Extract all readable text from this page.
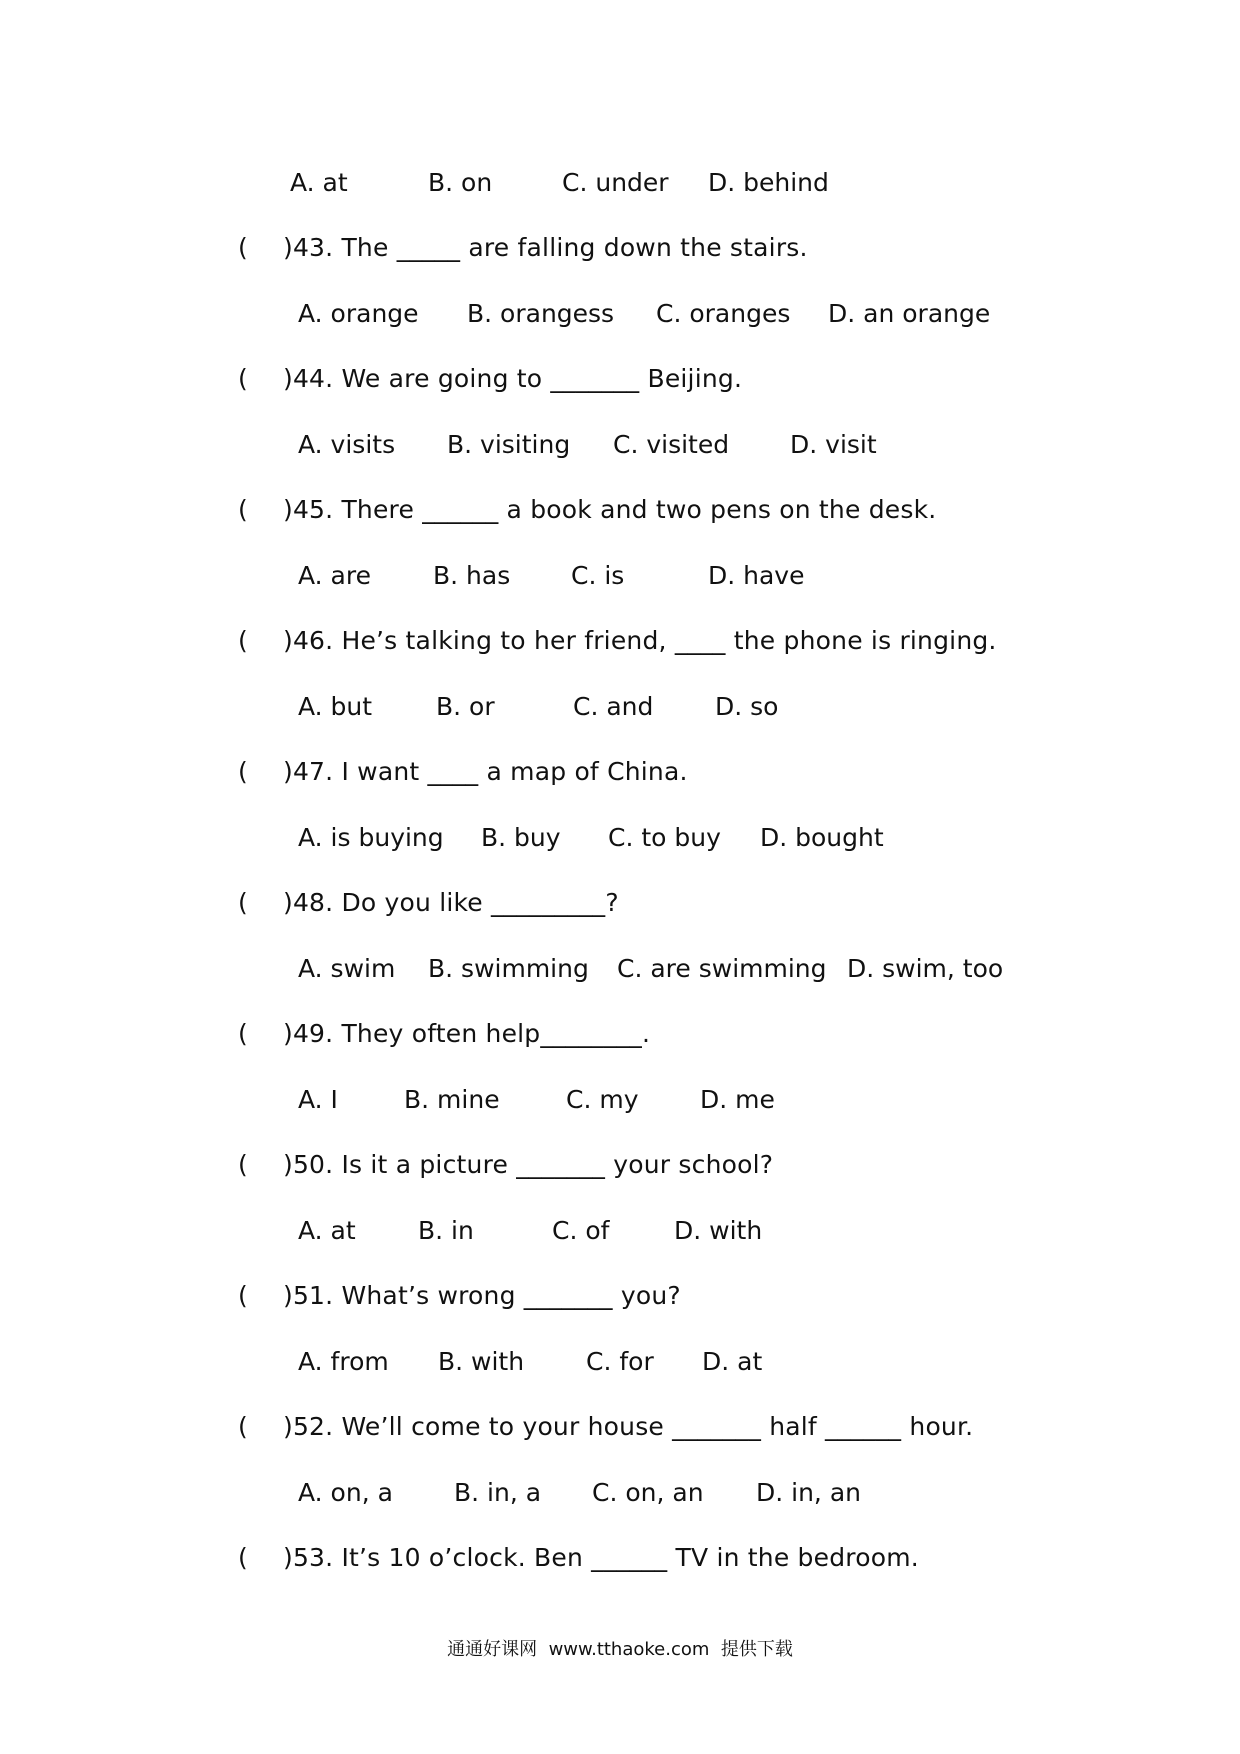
A. at	B. on	C. under D. behind
( )43. The _____ are falling down the stairs.
A. orange B. orangess C. oranges D. an orange
( )44. We are going to _______ Beijing.
A. visits B. visiting C. visited D. visit
( )45. There ______ a book and two pens on the desk.
A. are B. has C. is	D. have
( )46. He’s talking to her friend, ____ the phone is ringing.
A. but	B. or	C. and D. so
( )47. I want ____ a map of China.
A. is buying B. buy C. to buy D. bought
( )48. Do you like _________?
A. swim B. swimming C. are swimming D. swim, too
( )49. They often help________.
A. I	B. mine	C. my D. me
( )50. Is it a picture _______ your school?
A. at B. in	C. of	D. with
( )51. What’s wrong _______ you?
A. from B. with C. for D. at
( )52. We’ll come to your house _______ half ______ hour.
A. on, a B. in, a C. on, an D. in, an
( )53. It’s 10 o’clock. Ben ______ TV in the bedroom.
通通好课网  www.tthaoke.com  提供下载
